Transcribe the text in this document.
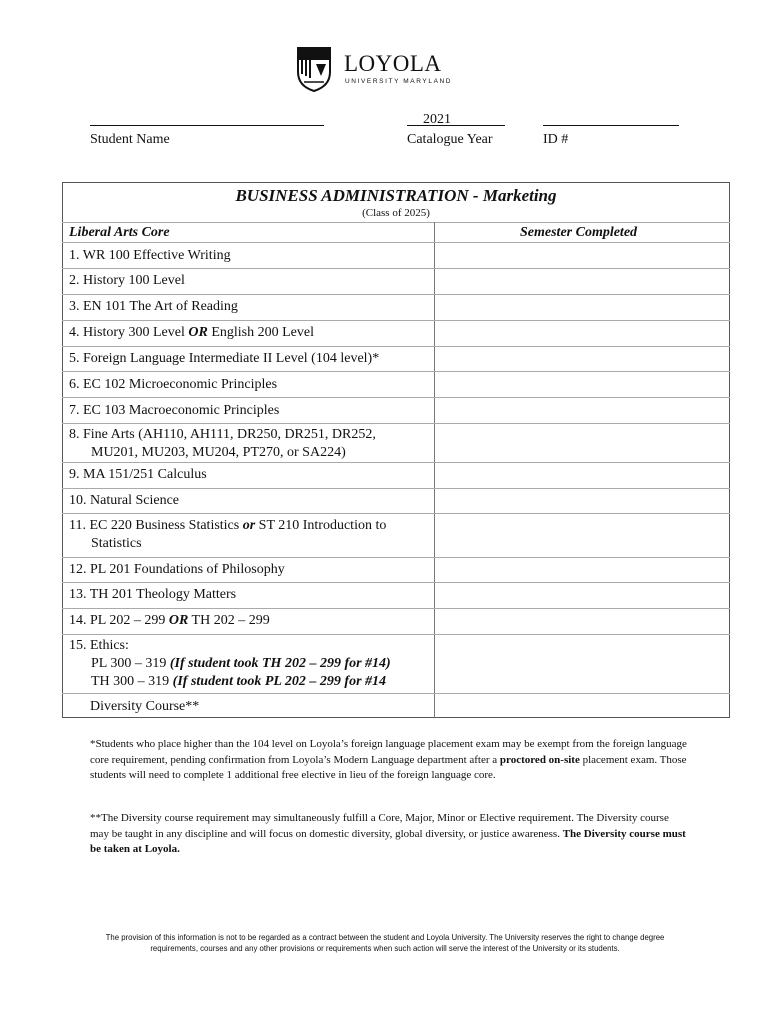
LOYOLA
UNIVERSITY MARYLAND
Student Name
2021
Catalogue Year	ID #
BUSINESS ADMINISTRATION - Marketing
(Class of 2025)
Liberal Arts Core	Semester Completed
1. WR 100 Effective Writing
2. History 100 Level
3. EN 101 The Art of Reading
4. History 300 Level OR English 200 Level
5. Foreign Language Intermediate II Level (104 level)*
6. EC 102 Microeconomic Principles
7. EC 103 Macroeconomic Principles
8. Fine Arts (AH110, AH111, DR250, DR251, DR252,
MU201, MU203, MU204, PT270, or SA224)
9. MA 151/251 Calculus
10. Natural Science
11. EC 220 Business Statistics or ST 210 Introduction to
Statistics
12. PL 201 Foundations of Philosophy
13. TH 201 Theology Matters
14. PL 202 – 299 OR TH 202 – 299
15. Ethics:
PL 300 – 319 (If student took TH 202 – 299 for #14)
TH 300 – 319 (If student took PL 202 – 299 for #14
Diversity Course**
*Students who place higher than the 104 level on Loyola’s foreign language placement exam may be exempt from the foreign language core requirement, pending confirmation from Loyola’s Modern Language department after a proctored on-site placement exam. Those students will need to complete 1 additional free elective in lieu of the foreign language core.
**The Diversity course requirement may simultaneously fulfill a Core, Major, Minor or Elective requirement. The Diversity course may be taught in any discipline and will focus on domestic diversity, global diversity, or justice awareness. The Diversity course must be taken at Loyola.
The provision of this information is not to be regarded as a contract between the student and Loyola University. The University reserves the right to change degree requirements, courses and any other provisions or requirements when such action will serve the interest of the University or its students.
